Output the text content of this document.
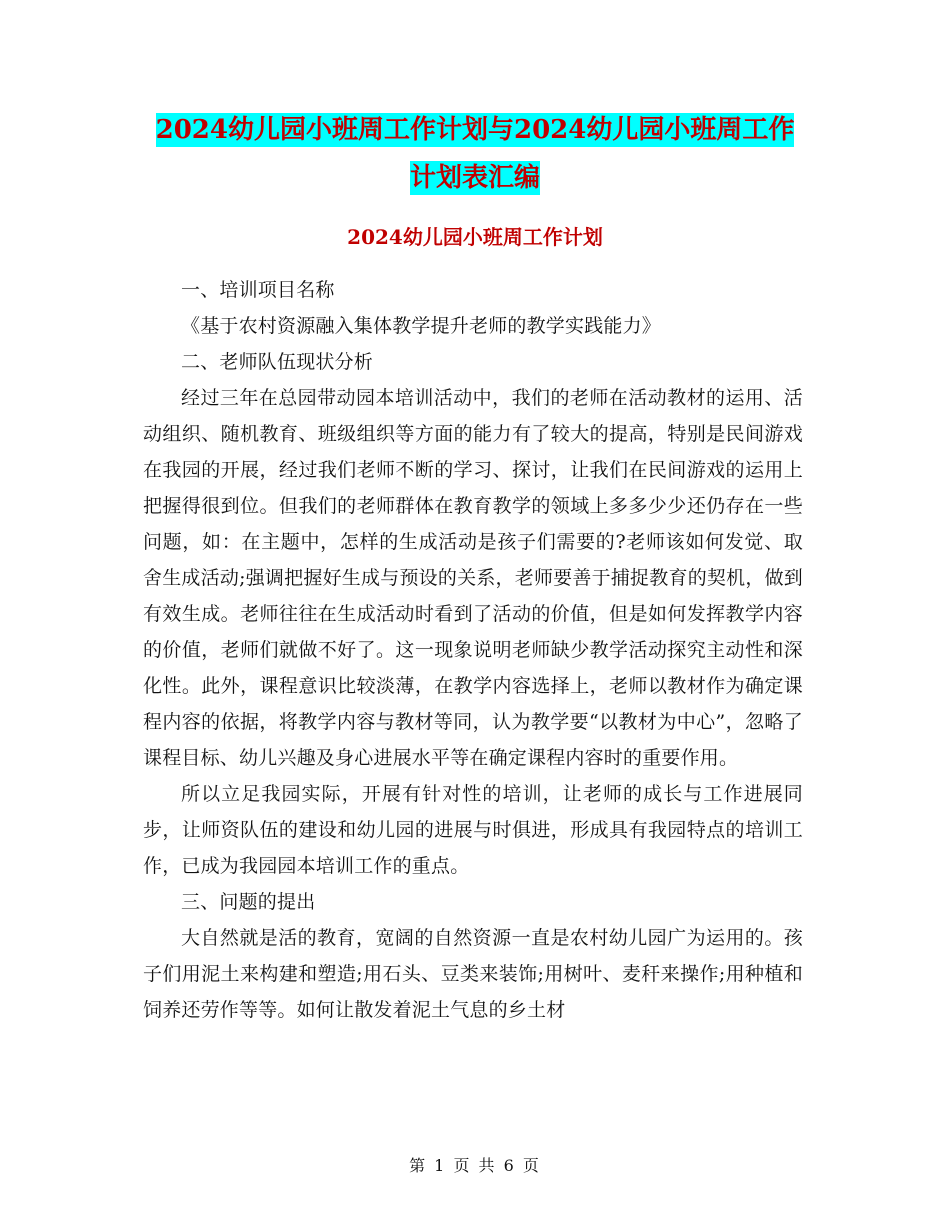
2024幼儿园小班周工作计划与2024幼儿园小班周工作
计划表汇编
2024幼儿园小班周工作计划

一、培训项目名称

《基于农村资源融入集体教学提升老师的教学实践能力》

二、老师队伍现状分析

经过三年在总园带动园本培训活动中，我们的老师在活动教材的运用、活动组织、随机教育、班级组织等方面的能力有了较大的提高，特别是民间游戏在我园的开展，经过我们老师不断的学习、探讨，让我们在民间游戏的运用上把握得很到位。但我们的老师群体在教育教学的领域上多多少少还仍存在一些问题，如：在主题中，怎样的生成活动是孩子们需要的?老师该如何发觉、取舍生成活动;强调把握好生成与预设的关系，老师要善于捕捉教育的契机，做到有效生成。老师往往在生成活动时看到了活动的价值，但是如何发挥教学内容的价值，老师们就做不好了。这一现象说明老师缺少教学活动探究主动性和深化性。此外，课程意识比较淡薄，在教学内容选择上，老师以教材作为确定课程内容的依据，将教学内容与教材等同，认为教学要“以教材为中心”，忽略了课程目标、幼儿兴趣及身心进展水平等在确定课程内容时的重要作用。

所以立足我园实际，开展有针对性的培训，让老师的成长与工作进展同步，让师资队伍的建设和幼儿园的进展与时俱进，形成具有我园特点的培训工作，已成为我园园本培训工作的重点。

三、问题的提出

大自然就是活的教育，宽阔的自然资源一直是农村幼儿园广为运用的。孩子们用泥土来构建和塑造;用石头、豆类来装饰;用树叶、麦秆来操作;用种植和饲养还劳作等等。如何让散发着泥土气息的乡土材

第 1 页 共 6 页
